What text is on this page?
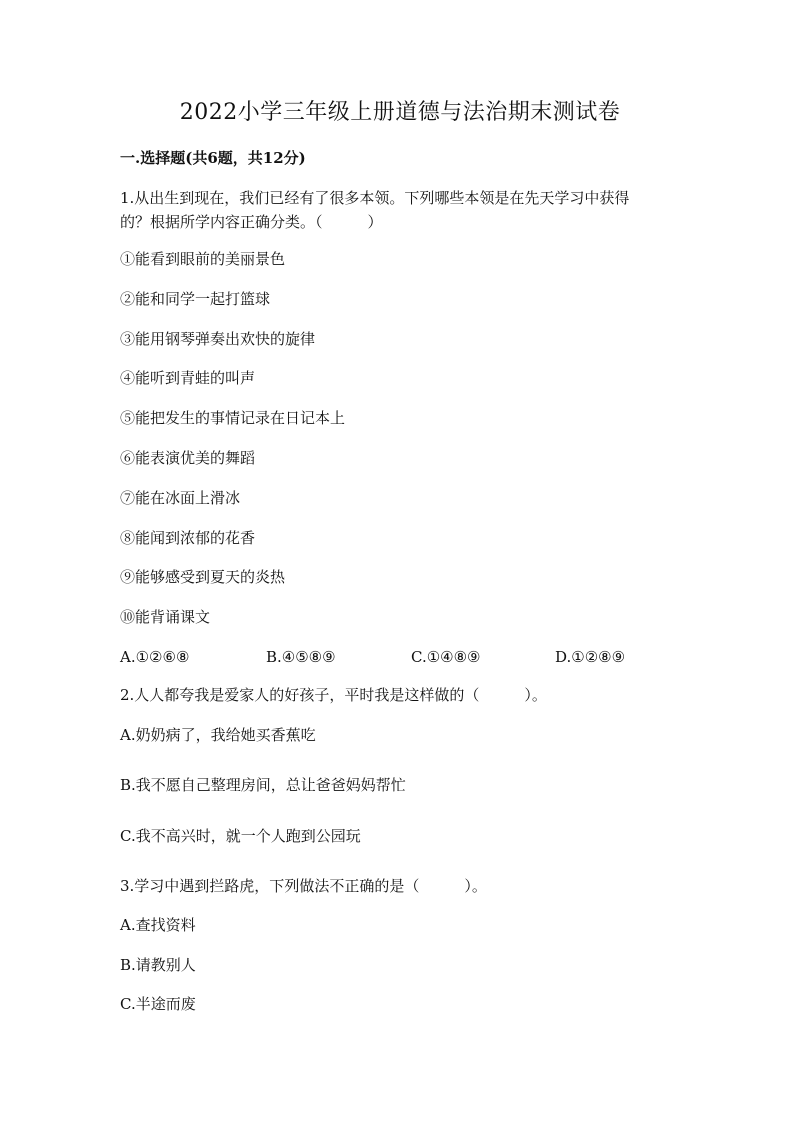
2022小学三年级上册道德与法治期末测试卷
一.选择题(共6题，共12分)
1.从出生到现在，我们已经有了很多本领。下列哪些本领是在先天学习中获得
的？根据所学内容正确分类。（　　　）
①能看到眼前的美丽景色
②能和同学一起打篮球
③能用钢琴弹奏出欢快的旋律
④能听到青蛙的叫声
⑤能把发生的事情记录在日记本上
⑥能表演优美的舞蹈
⑦能在冰面上滑冰
⑧能闻到浓郁的花香
⑨能够感受到夏天的炎热
⑩能背诵课文
A.①②⑥⑧	B.④⑤⑧⑨	C.①④⑧⑨	D.①②⑧⑨
2.人人都夸我是爱家人的好孩子，平时我是这样做的（　　　）。
A.奶奶病了，我给她买香蕉吃
B.我不愿自己整理房间，总让爸爸妈妈帮忙
C.我不高兴时，就一个人跑到公园玩
3.学习中遇到拦路虎，下列做法不正确的是（　　　）。
A.查找资料
B.请教别人
C.半途而废
